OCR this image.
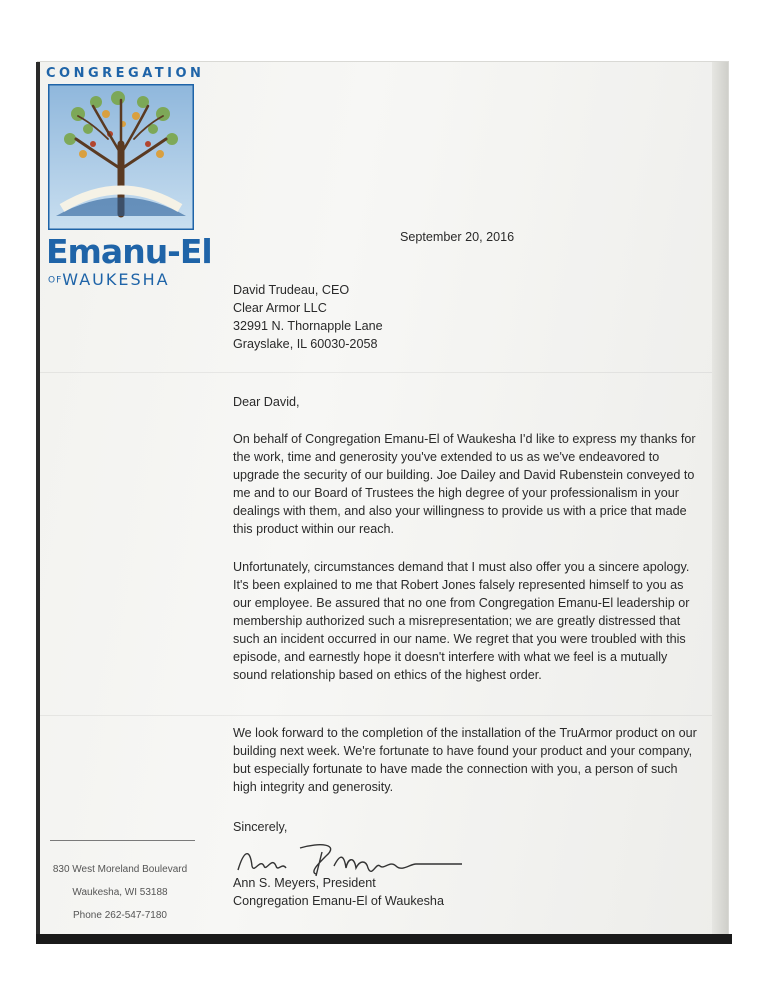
CONGREGATION
Emanu-El
OFWAUKESHA
830 West Moreland Boulevard
Waukesha, WI 53188
Phone 262-547-7180
September 20, 2016

David Trudeau, CEO

Clear Armor LLC

32991 N. Thornapple Lane

Grayslake, IL 60030-2058

Dear David,
On behalf of Congregation Emanu-El of Waukesha I'd like to express my thanks for the work, time and generosity you've extended to us as we've endeavored to upgrade the security of our building. Joe Dailey and David Rubenstein conveyed to me and to our Board of Trustees the high degree of your professionalism in your dealings with them, and also your willingness to provide us with a price that made this product within our reach.
Unfortunately, circumstances demand that I must also offer you a sincere apology. It's been explained to me that Robert Jones falsely represented himself to you as our employee. Be assured that no one from Congregation Emanu-El leadership or membership authorized such a misrepresentation; we are greatly distressed that such an incident occurred in our name. We regret that you were troubled with this episode, and earnestly hope it doesn't interfere with what we feel is a mutually sound relationship based on ethics of the highest order.
We look forward to the completion of the installation of the TruArmor product on our building next week. We're fortunate to have found your product and your company, but especially fortunate to have made the connection with you, a person of such high integrity and generosity.
Sincerely,
Ann S. Meyers, President
Congregation Emanu-El of Waukesha
